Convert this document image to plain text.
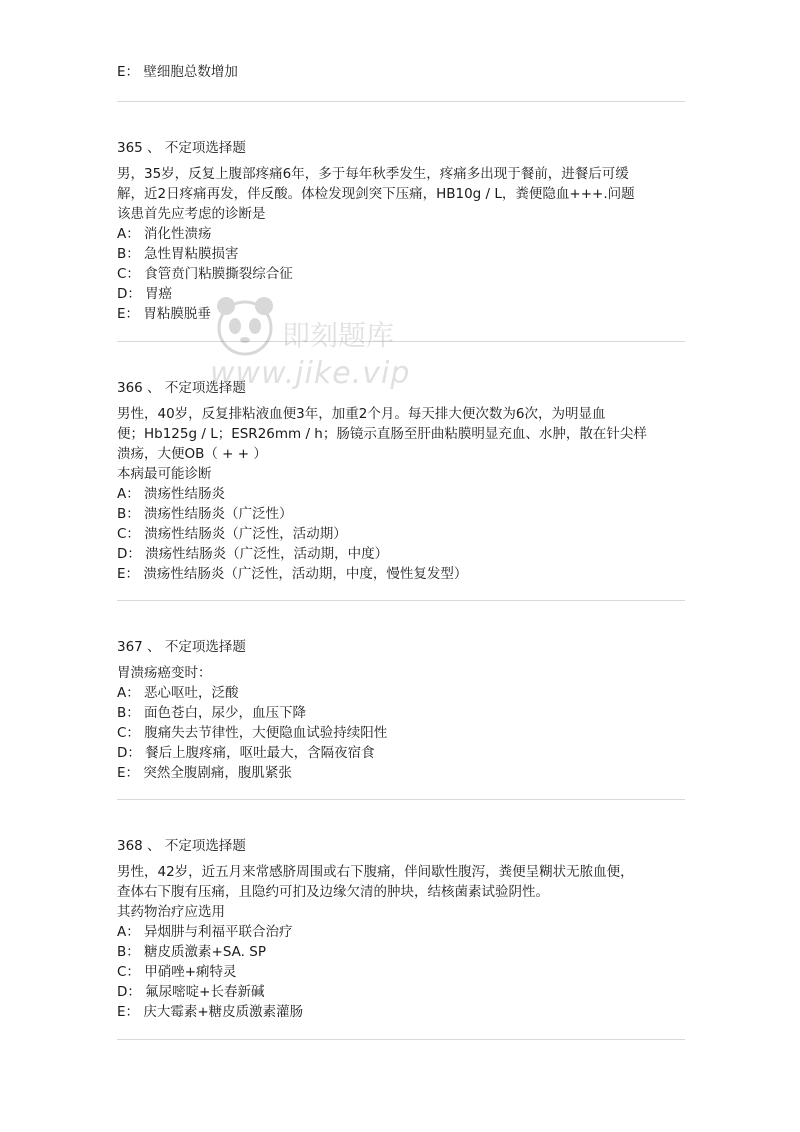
E： 壁细胞总数增加
365 、 不定项选择题
男，35岁，反复上腹部疼痛6年，多于每年秋季发生，疼痛多出现于餐前，进餐后可缓
解，近2日疼痛再发，伴反酸。体检发现剑突下压痛，HB10g / L，粪便隐血+++.问题
该患首先应考虑的诊断是
A： 消化性溃疡
B： 急性胃粘膜损害
C： 食管贲门粘膜撕裂综合征
D： 胃癌
E： 胃粘膜脱垂
366 、 不定项选择题
男性，40岁，反复排粘液血便3年，加重2个月。每天排大便次数为6次，为明显血
便；Hb125g / L；ESR26mm / h；肠镜示直肠至肝曲粘膜明显充血、水肿，散在针尖样
溃疡，大便OB（ + + ）
本病最可能诊断
A： 溃疡性结肠炎
B： 溃疡性结肠炎（广泛性）
C： 溃疡性结肠炎（广泛性，活动期）
D： 溃疡性结肠炎（广泛性，活动期，中度）
E： 溃疡性结肠炎（广泛性，活动期，中度，慢性复发型）
367 、 不定项选择题
胃溃疡癌变时：
A： 恶心呕吐，泛酸
B： 面色苍白，尿少，血压下降
C： 腹痛失去节律性，大便隐血试验持续阳性
D： 餐后上腹疼痛，呕吐最大，含隔夜宿食
E： 突然全腹剧痛，腹肌紧张
368 、 不定项选择题
男性，42岁，近五月来常感脐周围或右下腹痛，伴间歇性腹泻，粪便呈糊状无脓血便，
查体右下腹有压痛，且隐约可扪及边缘欠清的肿块，结核菌素试验阴性。
其药物治疗应选用
A： 异烟肼与利福平联合治疗
B： 糖皮质激素+SA. SP
C： 甲硝唑+痢特灵
D： 氟尿嘧啶+长春新碱
E： 庆大霉素+糖皮质激素灌肠
即刻题库
www.jike.vip
